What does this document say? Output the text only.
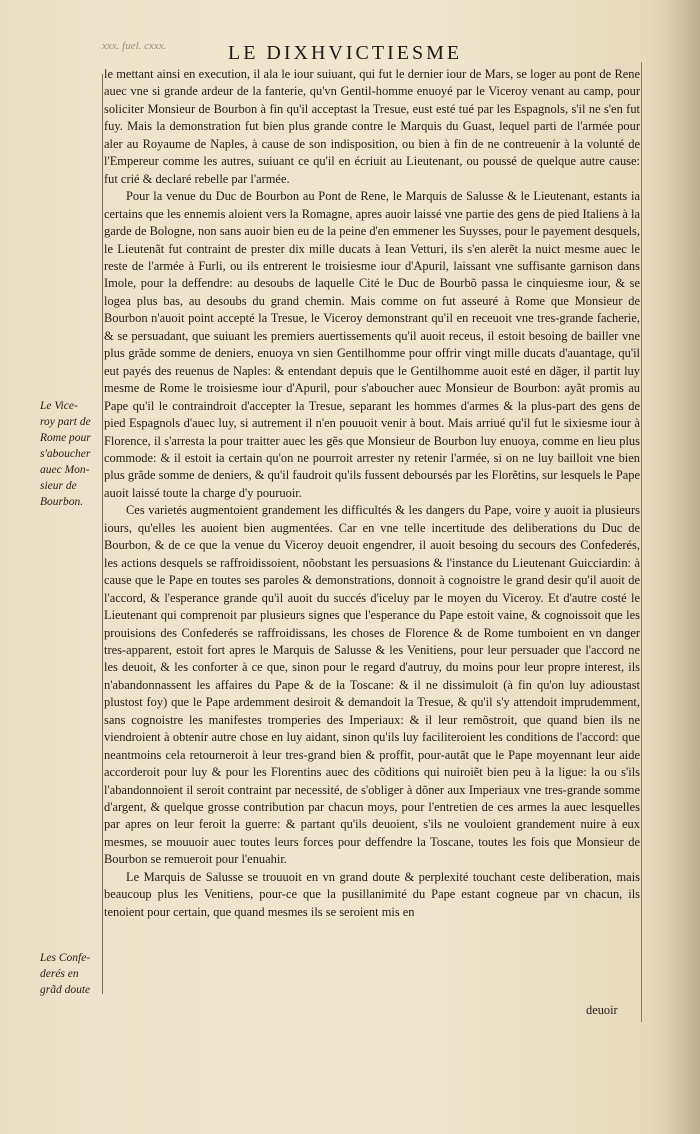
xxx. fuel. cxxx.	LE DIXHVICTIESME

le mettant ainsi en execution, il ala le iour suiuant, qui fut le dernier iour de Mars, se loger au pont de Rene auec vne si grande ardeur de la fanterie, qu'vn Gentil-homme enuoyé par le Viceroy venant au camp, pour soliciter Monsieur de Bourbon à fin qu'il acceptast la Tresue, eust esté tué par les Espagnols, s'il ne s'en fut fuy. Mais la demonstration fut bien plus grande contre le Marquis du Guast, lequel parti de l'armée pour aler au Royaume de Naples, à cause de son indisposition, ou bien à fin de ne contreuenir à la volunté de l'Empereur comme les autres, suiuant ce qu'il en écriuit au Lieutenant, ou poussé de quelque autre cause: fut crié & declaré rebelle par l'armée.

Pour la venue du Duc de Bourbon au Pont de Rene, le Marquis de Salusse & le Lieutenant, estants ia certains que les ennemis aloient vers la Romagne, apres auoir laissé vne partie des gens de pied Italiens à la garde de Bologne, non sans auoir bien eu de la peine d'en emmener les Suysses, pour le payement desquels, le Lieutenãt fut contraint de prester dix mille ducats à Iean Vetturi, ils s'en alerẽt la nuict mesme auec le reste de l'armée à Furli, ou ils entrerent le troisiesme iour d'Apuril, laissant vne suffisante garnison dans Imole, pour la deffendre: au desoubs de laquelle Cité le Duc de Bourbõ passa le cinquiesme iour, & se logea plus bas, au desoubs du grand chemin. Mais comme on fut asseuré à Rome que Monsieur de Bourbon n'auoit point accepté la Tresue, le Viceroy demonstrant qu'il en receuoit vne tres-grande facherie, & se persuadant, que suiuant les premiers auertissements qu'il auoit receus, il estoit besoing de bailler vne plus grãde somme de deniers, enuoya vn sien Gentilhomme pour offrir vingt mille ducats d'auantage, qu'il eut payés des reuenus de Naples: & entendant depuis que le Gentilhomme auoit esté en dãger, il partit luy mesme de Rome le troisiesme iour d'Apuril, pour s'aboucher auec Monsieur de Bourbon: ayãt promis au Pape qu'il le contraindroit d'accepter la Tresue, separant les hommes d'armes & la plus-part des gens de pied Espagnols d'auec luy, si autrement il n'en pouuoit venir à bout. Mais arriué qu'il fut le sixiesme iour à Florence, il s'arresta la pour traitter auec les gẽs que Monsieur de Bourbon luy enuoya, comme en lieu plus commode: & il estoit ia certain qu'on ne pourroit arrester ny retenir l'armée, si on ne luy bailloit vne bien plus grãde somme de deniers, & qu'il faudroit qu'ils fussent deboursés par les Florẽtins, sur lesquels le Pape auoit laissé toute la charge d'y pouruoir.

Ces varietés augmentoient grandement les difficultés & les dangers du Pape, voire y auoit ia plusieurs iours, qu'elles les auoient bien augmentées. Car en vne telle incertitude des deliberations du Duc de Bourbon, & de ce que la venue du Viceroy deuoit engendrer, il auoit besoing du secours des Confederés, les actions desquels se raffroidissoient, nõobstant les persuasions & l'instance du Lieutenant Guicciardin: à cause que le Pape en toutes ses paroles & demonstrations, donnoit à cognoistre le grand desir qu'il auoit de l'accord, & l'esperance grande qu'il auoit du succés d'iceluy par le moyen du Viceroy. Et d'autre costé le Lieutenant qui comprenoit par plusieurs signes que l'esperance du Pape estoit vaine, & cognoissoit que les prouisions des Confederés se raffroidissans, les choses de Florence & de Rome tumboient en vn danger tres-apparent, estoit fort apres le Marquis de Salusse & les Venitiens, pour leur persuader que l'accord ne les deuoit, & les conforter à ce que, sinon pour le regard d'autruy, du moins pour leur propre interest, ils n'abandonnassent les affaires du Pape & de la Toscane: & il ne dissimuloit (à fin qu'on luy adioustast plustost foy) que le Pape ardemment desiroit & demandoit la Tresue, & qu'il s'y attendoit imprudemment, sans cognoistre les manifestes tromperies des Imperiaux: & il leur remõstroit, que quand bien ils ne viendroient à obtenir autre chose en luy aidant, sinon qu'ils luy faciliteroient les conditions de l'accord: que neantmoins cela retourneroit à leur tres-grand bien & proffit, pour-autãt que le Pape moyennant leur aide accorderoit pour luy & pour les Florentins auec des cõditions qui nuiroiẽt bien peu à la ligue: la ou s'ils l'abandonnoient il seroit contraint par necessité, de s'obliger à dõner aux Imperiaux vne tres-grande somme d'argent, & quelque grosse contribution par chacun moys, pour l'entretien de ces armes la auec lesquelles par apres on leur feroit la guerre: & partant qu'ils deuoient, s'ils ne vouloient grandement nuire à eux mesmes, se mouuoir auec toutes leurs forces pour deffendre la Toscane, toutes les fois que Monsieur de Bourbon se remueroit pour l'enuahir.

Le Marquis de Salusse se trouuoit en vn grand doute & perplexité touchant ceste deliberation, mais beaucoup plus les Venitiens, pour-ce que la pusillanimité du Pape estant cogneue par vn chacun, ils tenoient pour certain, que quand mesmes ils se seroient mis en

Le Vice-
roy part de
Rome pour
s'aboucher
auec Mon-
sieur de
Bourbon.
Les Confe-
derés en
grãd doute
deuoir
